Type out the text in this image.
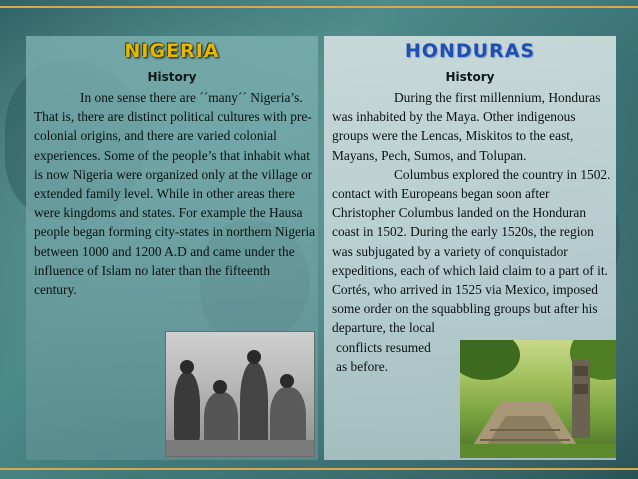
NIGERIA
History

In one sense there are ´´many´´ Nigeria’s. That is, there are distinct political cultures with pre-colonial origins, and there are varied colonial experiences. Some of the people’s that inhabit what is now Nigeria were organized only at the village or extended family level. While in other areas there were kingdoms and states. For example the Hausa people began forming city-states in northern Nigeria between 1000 and 1200 A.D and came under the influence of Islam no later than the fifteenth century.

HONDURAS
History

During the first millennium, Honduras was inhabited by the Maya. Other indigenous groups were the Lencas, Miskitos to the east, Mayans, Pech, Sumos, and Tolupan.

Columbus explored the country in 1502. contact with Europeans began soon after Christopher Columbus landed on the Honduran coast in 1502. During the early 1520s, the region was subjugated by a variety of conquistador expeditions, each of which laid claim to a part of it. Cortés, who arrived in 1525 via Mexico, imposed some order on the squabbling groups but after his departure, the local

conflicts resumed

as before.
